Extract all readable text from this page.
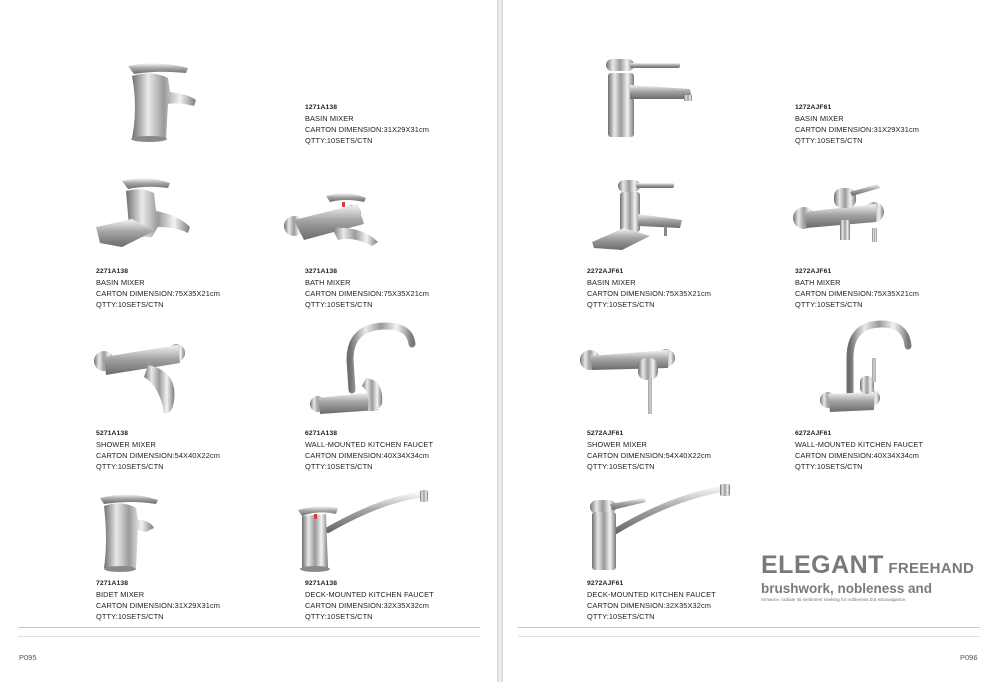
1271A138
BASIN MIXER
CARTON DIMENSION:31X29X31cm
QTTY:10SETS/CTN
2271A138
BASIN MIXER
CARTON DIMENSION:75X35X21cm
QTTY:10SETS/CTN
3271A138
BATH MIXER
CARTON DIMENSION:75X35X21cm
QTTY:10SETS/CTN
5271A138
SHOWER MIXER
CARTON DIMENSION:54X40X22cm
QTTY:10SETS/CTN
6271A138
WALL-MOUNTED KITCHEN FAUCET
CARTON DIMENSION:40X34X34cm
QTTY:10SETS/CTN
7271A138
BIDET MIXER
CARTON DIMENSION:31X29X31cm
QTTY:10SETS/CTN
9271A138
DECK-MOUNTED KITCHEN FAUCET
CARTON DIMENSION:32X35X32cm
QTTY:10SETS/CTN
1272AJF61
BASIN MIXER
CARTON DIMENSION:31X29X31cm
QTTY:10SETS/CTN
2272AJF61
BASIN MIXER
CARTON DIMENSION:75X35X21cm
QTTY:10SETS/CTN
3272AJF61
BATH MIXER
CARTON DIMENSION:75X35X21cm
QTTY:10SETS/CTN
5272AJF61
SHOWER MIXER
CARTON DIMENSION:54X40X22cm
QTTY:10SETS/CTN
6272AJF61
WALL-MOUNTED KITCHEN FAUCET
CARTON DIMENSION:40X34X34cm
QTTY:10SETS/CTN
9272AJF61
DECK-MOUNTED KITCHEN FAUCET
CARTON DIMENSION:32X35X32cm
QTTY:10SETS/CTN
ELEGANT FREEHAND
brushwork, nobleness and
romance, radiate its sentiment seeking for nobleness but extravagance.
P095	P096
